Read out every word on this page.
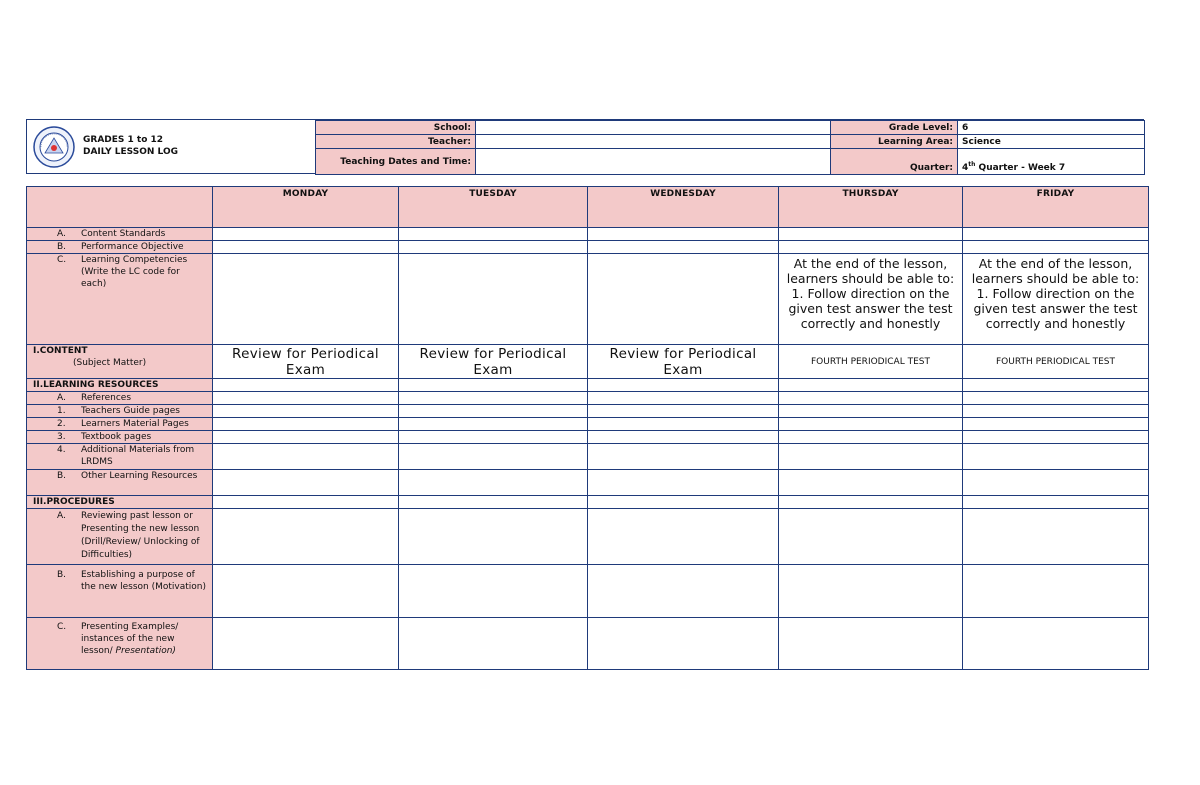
GRADES 1 to 12
DAILY LESSON LOG
School:		Grade Level:	6
Teacher:		Learning Area:	Science
Teaching Dates and Time:		Quarter:	4th Quarter - Week 7
	MONDAY	TUESDAY	WEDNESDAY	THURSDAY	FRIDAY

A. Content Standards					

B. Performance Objective					

C. Learning Competencies (Write the LC code for each)				At the end of the lesson, learners should be able to: 1. Follow direction on the given test answer the test correctly and honestly	At the end of the lesson, learners should be able to: 1. Follow direction on the given test answer the test correctly and honestly

I.CONTENT
(Subject Matter)	Review for Periodical Exam	Review for Periodical Exam	Review for Periodical Exam	FOURTH PERIODICAL TEST	FOURTH PERIODICAL TEST

II.LEARNING RESOURCES					

A. References					

1. Teachers Guide pages					

2. Learners Material Pages					

3. Textbook pages					

4. Additional Materials from LRDMS					

B. Other Learning Resources					

III.PROCEDURES					

A. Reviewing past lesson or Presenting the new lesson (Drill/Review/ Unlocking of Difficulties)					

B. Establishing a purpose of the new lesson (Motivation)					

C. Presenting Examples/ instances of the new lesson/ Presentation)					
